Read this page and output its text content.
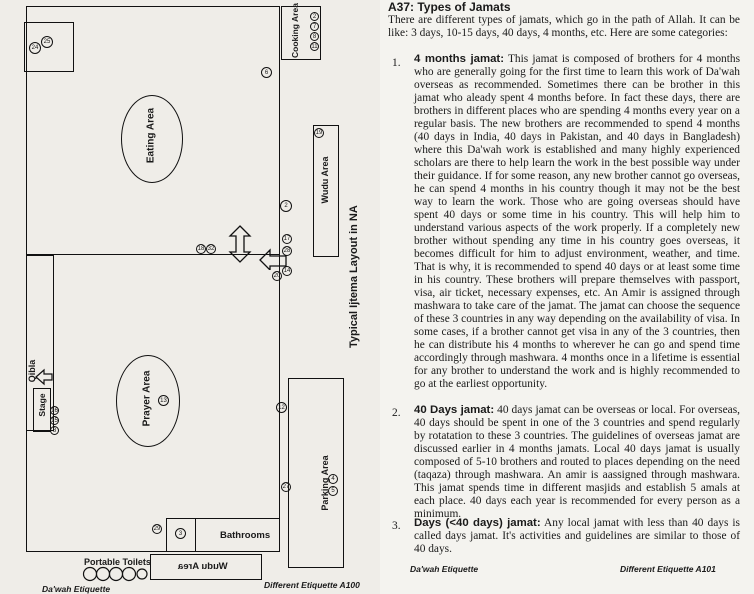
24
25
Eating Area
6
Cooking Area	2
7
8
11
Wudu Area
19
Typical Ijtema Layout in NA
2
18 32
17
28
20
14
Prayer Area	13
Qibla
Stage 16
15
8
Parking Area 5
4
12
27
Bathrooms
3
29
Wudu Area
Portable Toilets
Da'wah Etiquette	Different Etiquette A100
A37: Types of Jamats
There are different types of jamats, which go in the path of Allah. It can be like: 3 days, 10-15 days, 40 days, 4 months, etc. Here are some categories:
1. 4 months jamat: This jamat is composed of brothers for 4 months who are generally going for the first time to learn this work of Da'wah overseas as recommended. Sometimes there can be brother in this jamat who aleady spent 4 months before. In fact these days, there are brothers in different places who are spending 4 months every year on a regular basis. The new brothers are recommended to spend 4 months (40 days in India, 40 days in Pakistan, and 40 days in Bangladesh) where this Da'wah work is established and many highly experienced scholars are there to help learn the work in the best possible way under their guidance. If for some reason, any new brother cannot go overseas, he can spend 4 months in his country though it may not be the best way to learn the work. Those who are going overseas should have spent 40 days or some time in his country. This will help him to understand various aspects of the work properly. If a completely new brother without spending any time in his country goes overseas, it becomes difficult for him to adjust environment, weather, and time. That is why, it is recommended to spend 40 days or at least some time in his country. These brothers will prepare themselves with passport, visa, air ticket, necessary expenses, etc. An Amir is assigned through mashwara to take care of the jamat. The jamat can choose the sequence of these 3 countries in any way depending on the availability of visa. In some cases, if a brother cannot get visa in any of the 3 countries, then he can distribute his 4 months to wherever he can go and spend time accordingly through mashwara. 4 months once in a lifetime is essential for any brother to understand the work and is highly recommended to go at the earliest opportunity.
2. 40 Days jamat: 40 days jamat can be overseas or local. For overseas, 40 days should be spent in one of the 3 countries and spend regularly by rotatation to these 3 countries. The guidelines of overseas jamat are discussed earlier in 4 months jamats. Local 40 days jamat is usually composed of 5-10 brothers and routed to places depending on the need (taqaza) through mashwara. An amir is aassigned through mashwara. This jamat spends time in different masjids and establish 5 amals at each place. 40 days each year is recommended for every person as a minimum.
3. Days (<40 days) jamat: Any local jamat with less than 40 days is called days jamat. It's activities and guidelines are similar to those of 40 days.
Da'wah Etiquette	Different Etiquette A101
